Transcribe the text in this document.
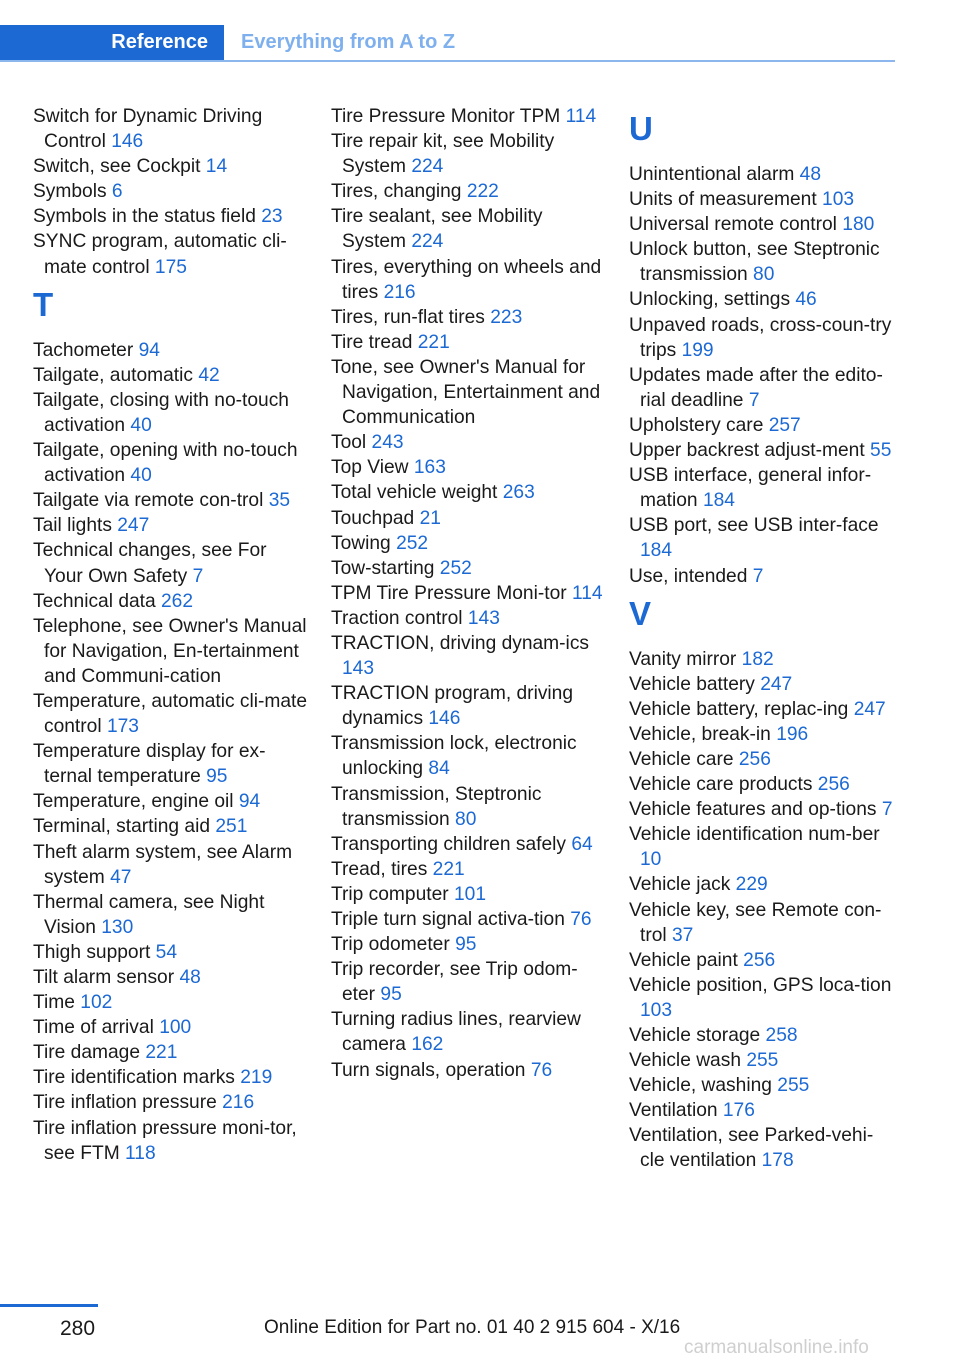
Reference	Everything from A to Z

Switch for Dynamic Driving Control 146

Switch, see Cockpit 14

Symbols 6

Symbols in the status field 23

SYNC program, automatic cli-mate control 175

T

Tachometer 94

Tailgate, automatic 42

Tailgate, closing with no-touch activation 40

Tailgate, opening with no-touch activation 40

Tailgate via remote con-trol 35

Tail lights 247

Technical changes, see For Your Own Safety 7

Technical data 262

Telephone, see Owner's Manual for Navigation, En-tertainment and Communi-cation

Temperature, automatic cli-mate control 173

Temperature display for ex-ternal temperature 95

Temperature, engine oil 94

Terminal, starting aid 251

Theft alarm system, see Alarm system 47

Thermal camera, see Night Vision 130

Thigh support 54

Tilt alarm sensor 48

Time 102

Time of arrival 100

Tire damage 221

Tire identification marks 219

Tire inflation pressure 216

Tire inflation pressure moni-tor, see FTM 118

Tire Pressure Monitor TPM 114

Tire repair kit, see Mobility System 224

Tires, changing 222

Tire sealant, see Mobility System 224

Tires, everything on wheels and tires 216

Tires, run-flat tires 223

Tire tread 221

Tone, see Owner's Manual for Navigation, Entertainment and Communication

Tool 243

Top View 163

Total vehicle weight 263

Touchpad 21

Towing 252

Tow-starting 252

TPM Tire Pressure Moni-tor 114

Traction control 143

TRACTION, driving dynam-ics 143

TRACTION program, driving dynamics 146

Transmission lock, electronic unlocking 84

Transmission, Steptronic transmission 80

Transporting children safely 64

Tread, tires 221

Trip computer 101

Triple turn signal activa-tion 76

Trip odometer 95

Trip recorder, see Trip odom-eter 95

Turning radius lines, rearview camera 162

Turn signals, operation 76

U

Unintentional alarm 48

Units of measurement 103

Universal remote control 180

Unlock button, see Steptronic transmission 80

Unlocking, settings 46

Unpaved roads, cross-coun-try trips 199

Updates made after the edito-rial deadline 7

Upholstery care 257

Upper backrest adjust-ment 55

USB interface, general infor-mation 184

USB port, see USB inter-face 184

Use, intended 7

V

Vanity mirror 182

Vehicle battery 247

Vehicle battery, replac-ing 247

Vehicle, break-in 196

Vehicle care 256

Vehicle care products 256

Vehicle features and op-tions 7

Vehicle identification num-ber 10

Vehicle jack 229

Vehicle key, see Remote con-trol 37

Vehicle paint 256

Vehicle position, GPS loca-tion 103

Vehicle storage 258

Vehicle wash 255

Vehicle, washing 255

Ventilation 176

Ventilation, see Parked-vehi-cle ventilation 178

280	Online Edition for Part no. 01 40 2 915 604 - X/16
carmanualsonline.info
